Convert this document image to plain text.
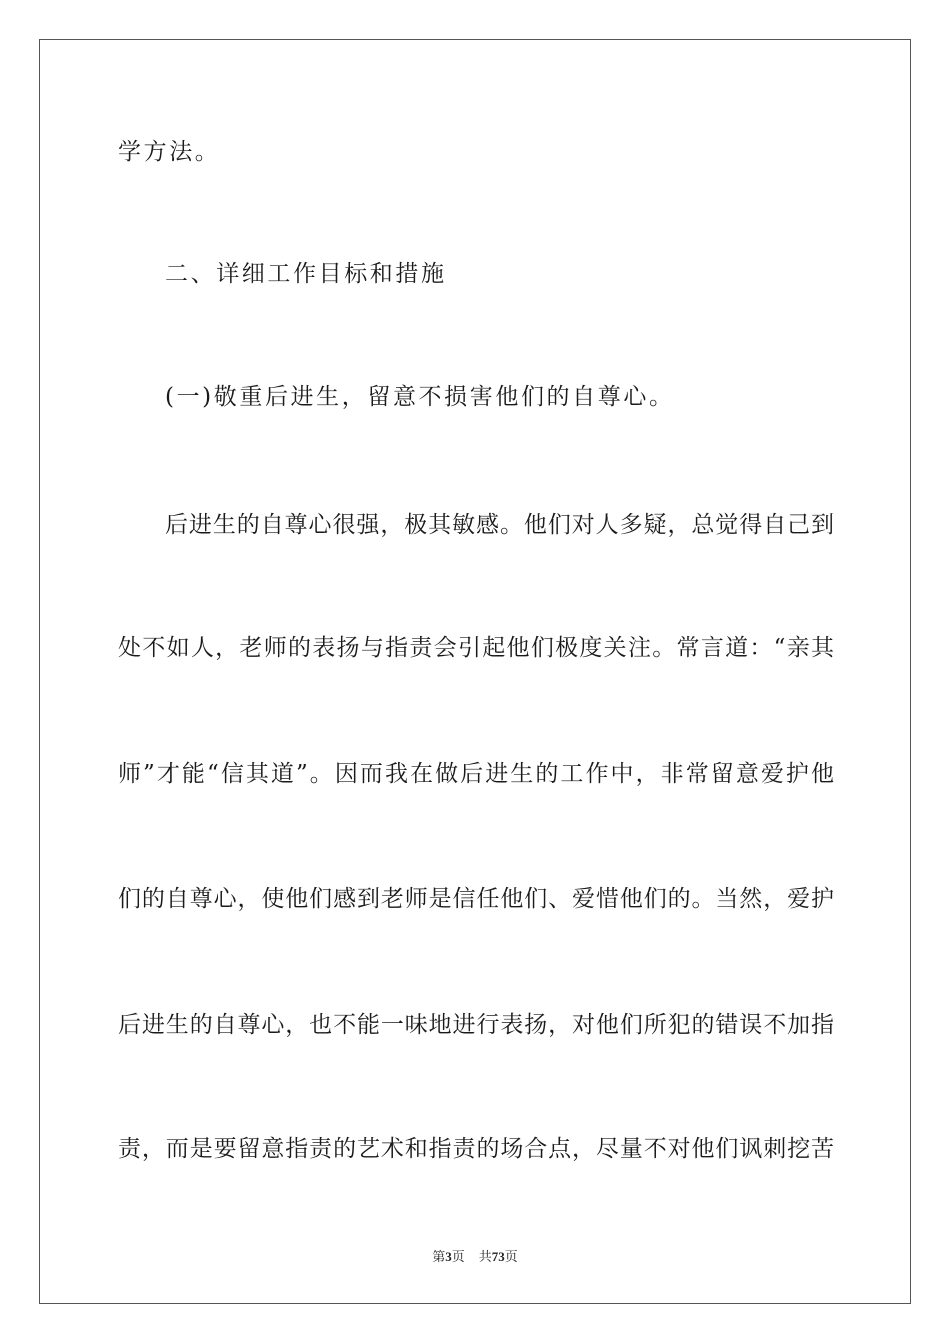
学方法。
二、详细工作目标和措施
(一)敬重后进生，留意不损害他们的自尊心。
后进生的自尊心很强，极其敏感。他们对人多疑，总觉得自己到
处不如人，老师的表扬与指责会引起他们极度关注。常言道：“亲其
师”才能“信其道”。因而我在做后进生的工作中，非常留意爱护他
们的自尊心，使他们感到老师是信任他们、爱惜他们的。当然，爱护
后进生的自尊心，也不能一味地进行表扬，对他们所犯的错误不加指
责，而是要留意指责的艺术和指责的场合点，尽量不对他们讽刺挖苦
第3页 共73页
